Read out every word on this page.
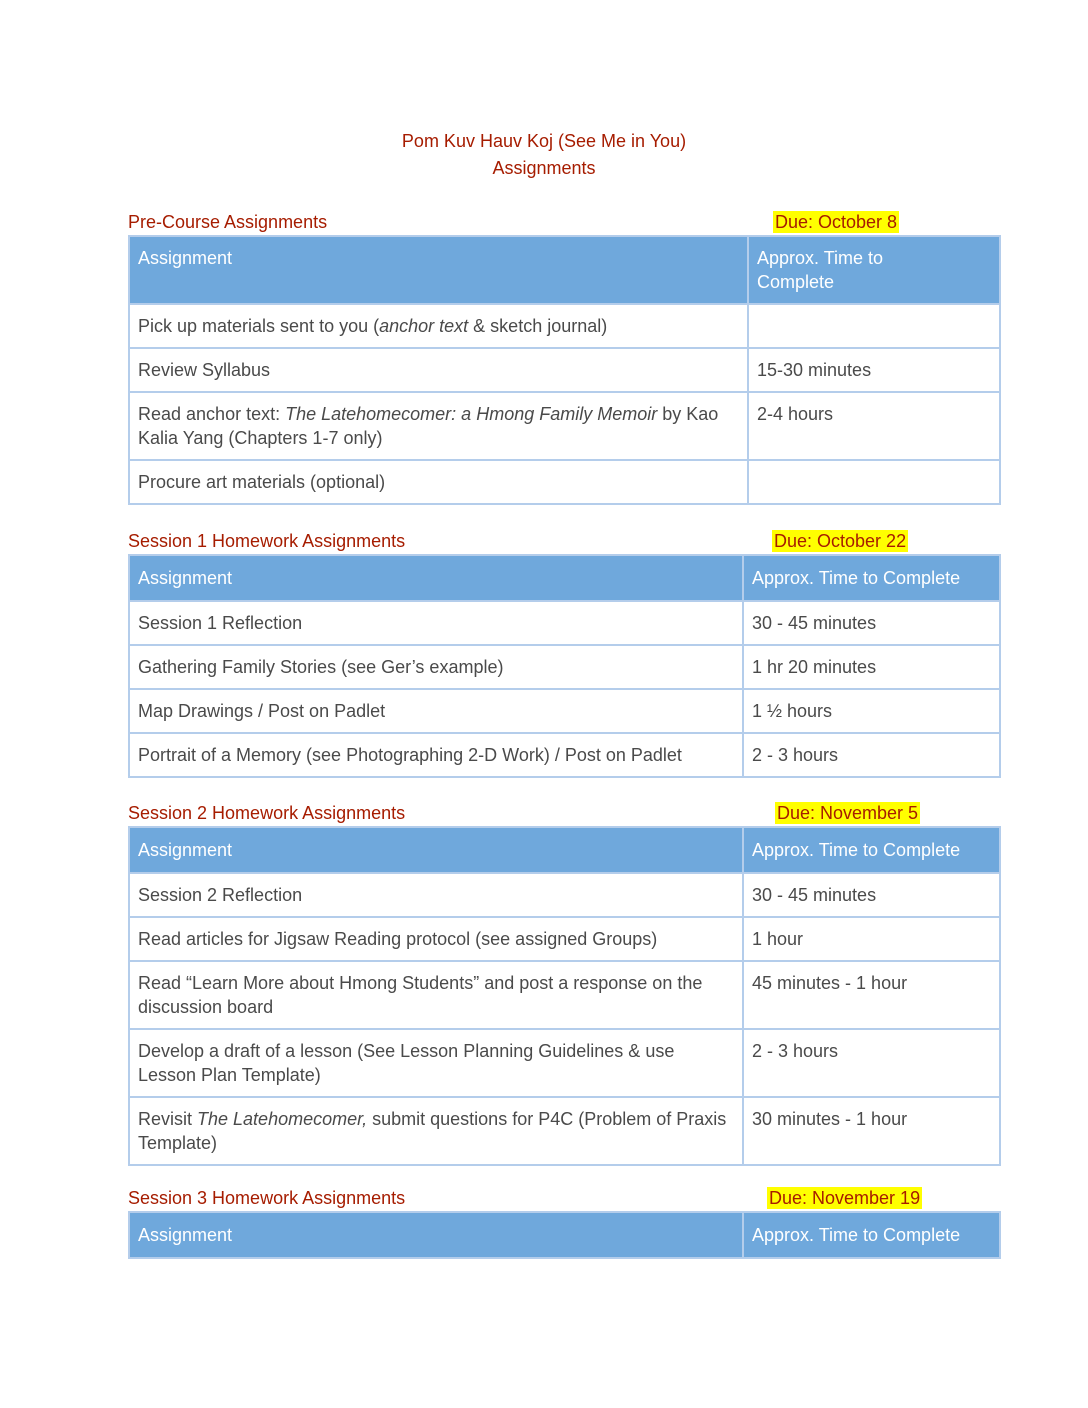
Pom Kuv Hauv Koj (See Me in You)
Assignments
Pre-Course Assignments	Due: October 8
Assignment	Approx. Time to Complete
Pick up materials sent to you (anchor text & sketch journal)	
Review Syllabus	15-30 minutes
Read anchor text: The Latehomecomer: a Hmong Family Memoir by Kao Kalia Yang (Chapters 1-7 only)	2-4 hours
Procure art materials (optional)	
Session 1 Homework Assignments	Due: October 22
Assignment	Approx. Time to Complete
Session 1 Reflection	30 - 45 minutes
Gathering Family Stories (see Ger’s example)	1 hr 20 minutes
Map Drawings / Post on Padlet	1 ½ hours
Portrait of a Memory (see Photographing 2-D Work) / Post on Padlet	2 - 3 hours
Session 2 Homework Assignments	Due: November 5
Assignment	Approx. Time to Complete
Session 2 Reflection	30 - 45 minutes
Read articles for Jigsaw Reading protocol (see assigned Groups)	1 hour
Read “Learn More about Hmong Students” and post a response on the discussion board	45 minutes - 1 hour
Develop a draft of a lesson (See Lesson Planning Guidelines & use Lesson Plan Template)	2 - 3 hours
Revisit The Latehomecomer, submit questions for P4C (Problem of Praxis Template)	30 minutes - 1 hour
Session 3 Homework Assignments	Due: November 19
Assignment	Approx. Time to Complete
